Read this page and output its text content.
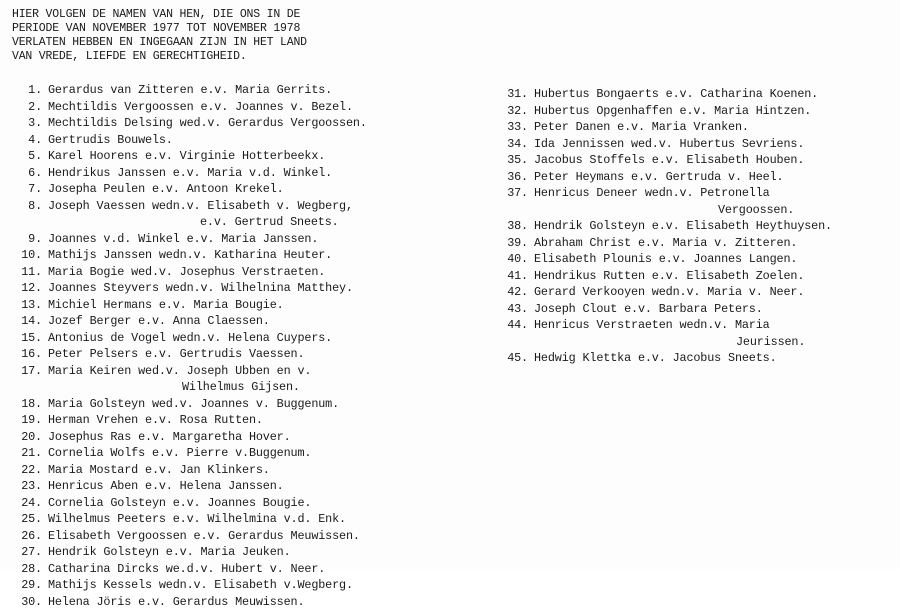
HIER VOLGEN DE NAMEN VAN HEN, DIE ONS IN DE
PERIODE VAN NOVEMBER 1977 TOT NOVEMBER 1978
VERLATEN HEBBEN EN INGEGAAN ZIJN IN HET LAND
VAN VREDE, LIEFDE EN GERECHTIGHEID.
1. Gerardus van Zitteren e.v. Maria Gerrits.
2. Mechtildis Vergoossen e.v. Joannes v. Bezel.
3. Mechtildis Delsing wed.v. Gerardus Vergoossen.
4. Gertrudis Bouwels.
5. Karel Hoorens e.v. Virginie Hotterbeekx.
6. Hendrikus Janssen e.v. Maria v.d. Winkel.
7. Josepha Peulen e.v. Antoon Krekel.
8. Joseph Vaessen wedn.v. Elisabeth v. Wegberg,
e.v. Gertrud Sneets.
9. Joannes v.d. Winkel e.v. Maria Janssen.
10. Mathijs Janssen wedn.v. Katharina Heuter.
11. Maria Bogie wed.v. Josephus Verstraeten.
12. Joannes Steyvers wedn.v. Wilhelnina Matthey.
13. Michiel Hermans e.v. Maria Bougie.
14. Jozef Berger e.v. Anna Claessen.
15. Antonius de Vogel wedn.v. Helena Cuypers.
16. Peter Pelsers e.v. Gertrudis Vaessen.
17. Maria Keiren wed.v. Joseph Ubben en v.
Wilhelmus Gijsen.
18. Maria Golsteyn wed.v. Joannes v. Buggenum.
19. Herman Vrehen e.v. Rosa Rutten.
20. Josephus Ras e.v. Margaretha Hover.
21. Cornelia Wolfs e.v. Pierre v.Buggenum.
22. Maria Mostard e.v. Jan Klinkers.
23. Henricus Aben e.v. Helena Janssen.
24. Cornelia Golsteyn e.v. Joannes Bougie.
25. Wilhelmus Peeters e.v. Wilhelmina v.d. Enk.
26. Elisabeth Vergoossen e.v. Gerardus Meuwissen.
27. Hendrik Golsteyn e.v. Maria Jeuken.
28. Catharina Dircks we.d.v. Hubert v. Neer.
29. Mathijs Kessels wedn.v. Elisabeth v.Wegberg.
30. Helena Jöris e.v. Gerardus Meuwissen.
31. Hubertus Bongaerts e.v. Catharina Koenen.
32. Hubertus Opgenhaffen e.v. Maria Hintzen.
33. Peter Danen e.v. Maria Vranken.
34. Ida Jennissen wed.v. Hubertus Sevriens.
35. Jacobus Stoffels e.v. Elisabeth Houben.
36. Peter Heymans e.v. Gertruda v. Heel.
37. Henricus Deneer wedn.v. Petronella
Vergoossen.
38. Hendrik Golsteyn e.v. Elisabeth Heythuysen.
39. Abraham Christ e.v. Maria v. Zitteren.
40. Elisabeth Plounis e.v. Joannes Langen.
41. Hendrikus Rutten e.v. Elisabeth Zoelen.
42. Gerard Verkooyen wedn.v. Maria v. Neer.
43. Joseph Clout e.v. Barbara Peters.
44. Henricus Verstraeten wedn.v. Maria
Jeurissen.
45. Hedwig Klettka e.v. Jacobus Sneets.
